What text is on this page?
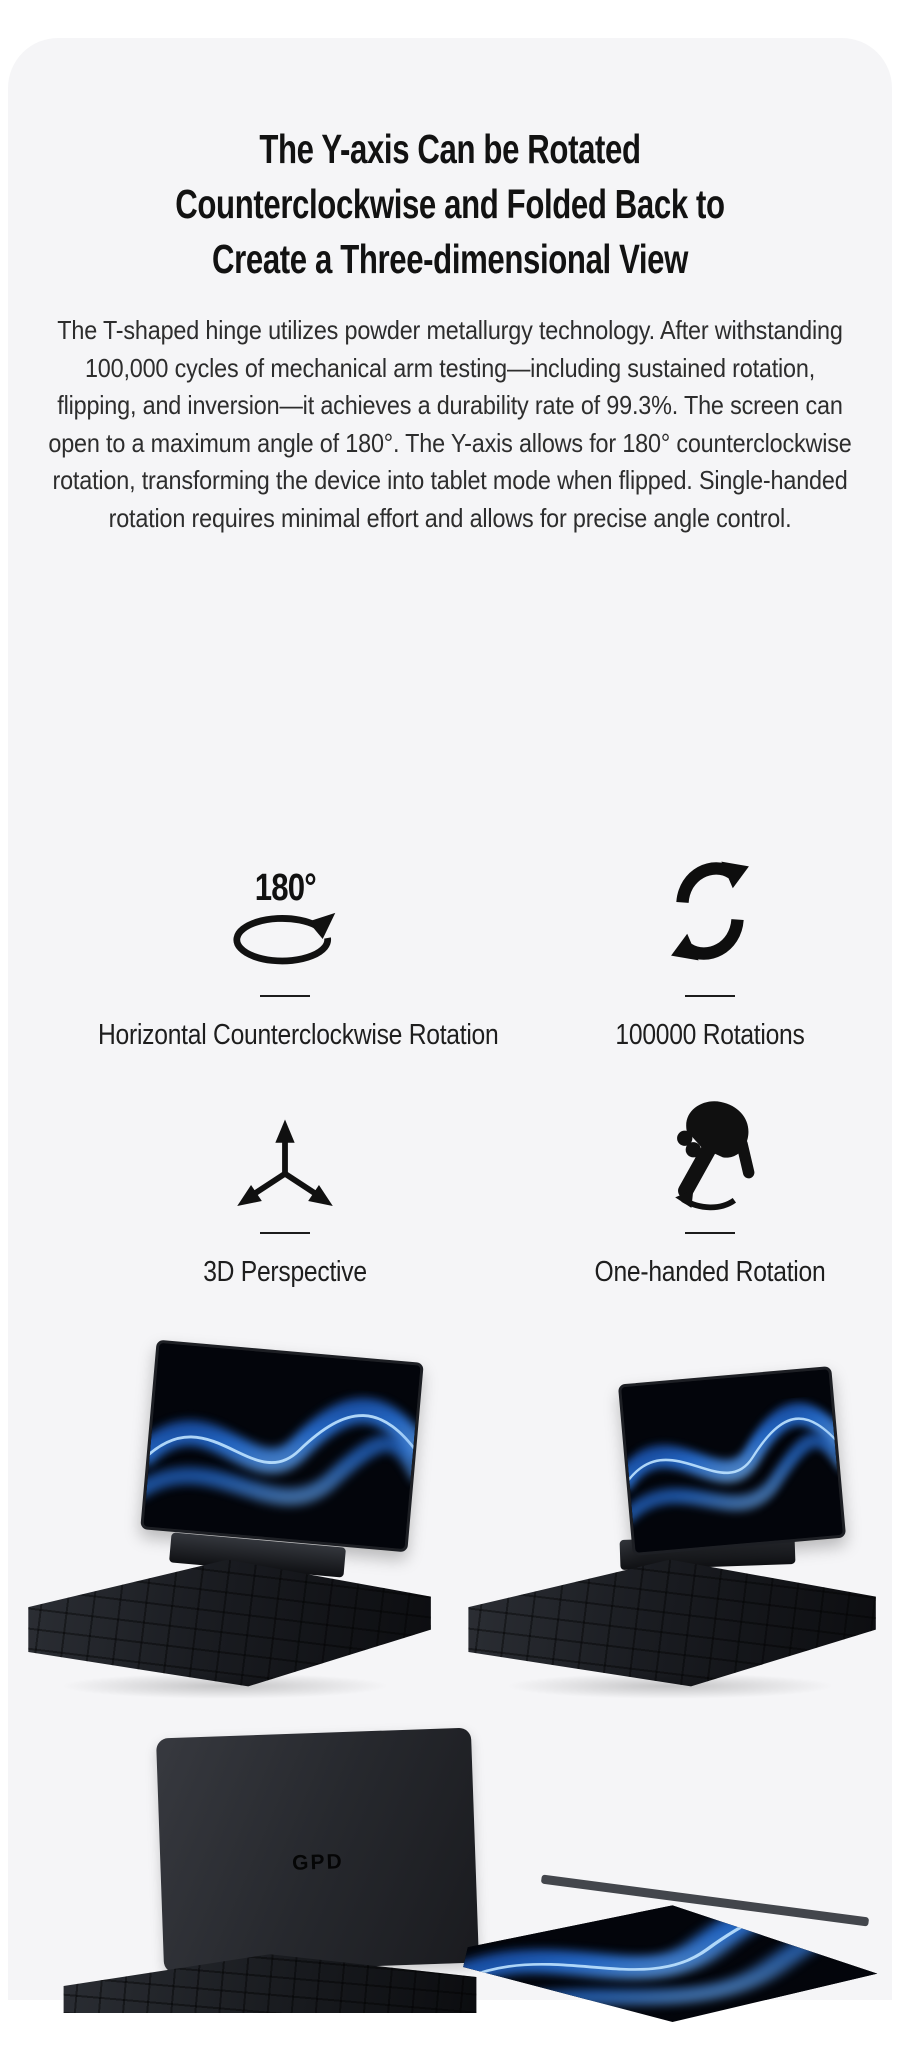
The Y-axis Can be Rotated
Counterclockwise and Folded Back to
Create a Three-dimensional View
The T-shaped hinge utilizes powder metallurgy technology. After withstanding 100,000 cycles of mechanical arm testing—including sustained rotation, flipping, and inversion—it achieves a durability rate of 99.3%. The screen can open to a maximum angle of 180°. The Y-axis allows for 180° counterclockwise rotation, transforming the device into tablet mode when flipped. Single-handed rotation requires minimal effort and allows for precise angle control.
180°
Horizontal Counterclockwise Rotation	100000 Rotations
3D Perspective	One-handed Rotation
GPD
